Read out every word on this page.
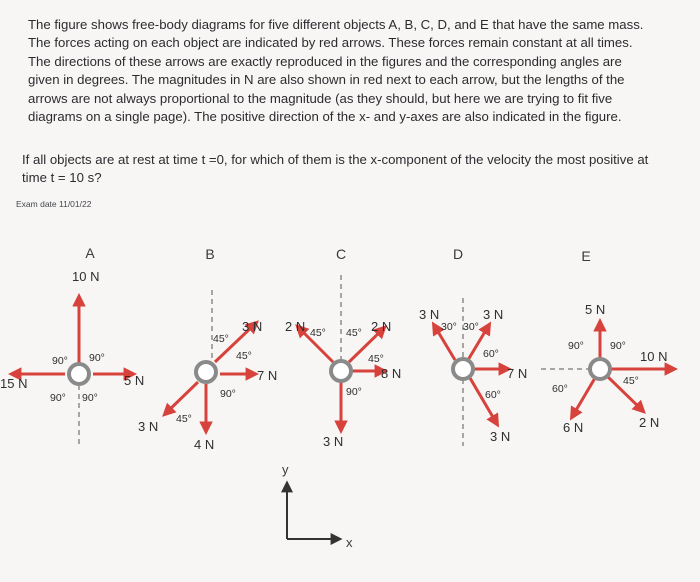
The figure shows free-body diagrams for five different objects A, B, C, D, and E that have the same mass. The forces acting on each object are indicated by red arrows. These forces remain constant at all times. The directions of these arrows are exactly reproduced in the figures and the corresponding angles are given in degrees. The magnitudes in N are also shown in red next to each arrow, but the lengths of the arrows are not always proportional to the magnitude (as they should, but here we are trying to fit five diagrams on a single page). The positive direction of the x- and y-axes are also indicated in the figure.
If all objects are at rest at time t =0, for which of them is the x-component of the velocity the most positive at time t = 10 s?
Exam date 11/01/22
A
10 N
5 N
15 N
90° 90°
90° 90°
B
3 N
7 N
4 N
3 N
45°
45°
90°
45°
C
2 N	2 N
8 N
3 N
45° 45°
45°
90°
y
x
D
3 N	3 N
7 N
3 N
30° 30°
60°
60°
E
5 N
10 N
2 N
6 N
90° 90°
45°
60°
